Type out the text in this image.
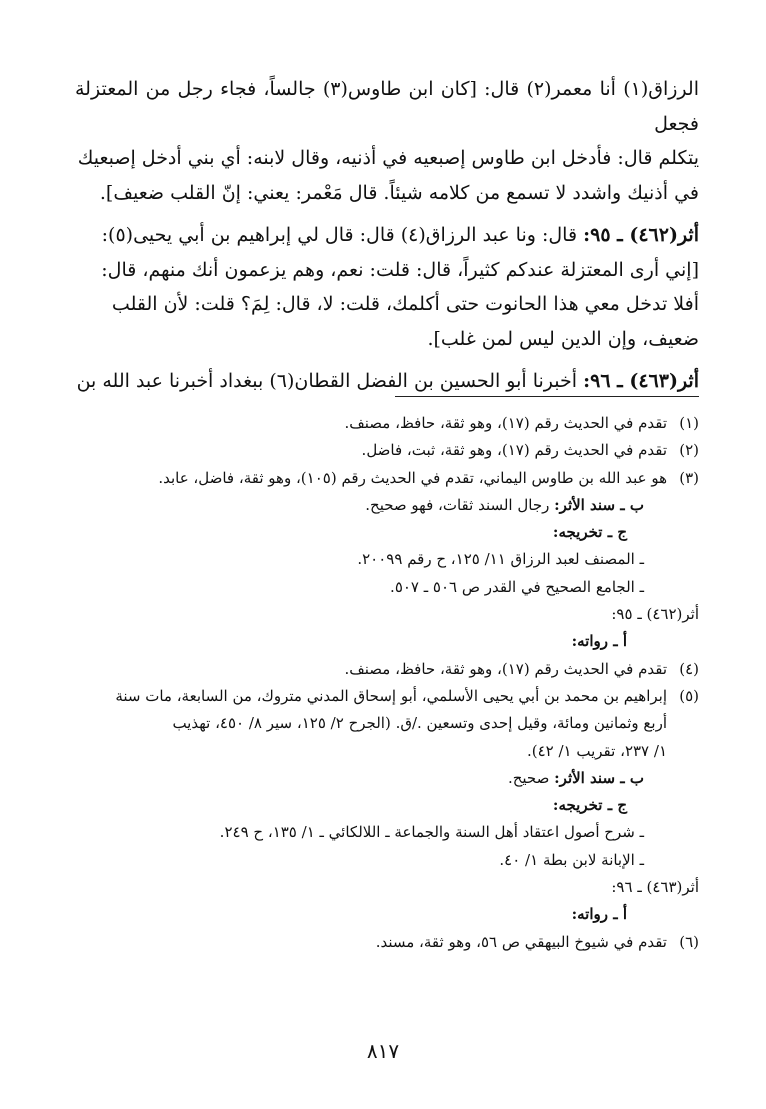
الرزاق(١) أنا معمر(٢) قال: [كان ابن طاوس(٣) جالساً، فجاء رجل من المعتزلة فجعل
يتكلم قال: فأدخل ابن طاوس إصبعيه في أذنيه، وقال لابنه: أي بني أدخل إصبعيك
في أذنيك واشدد لا تسمع من كلامه شيئاً. قال مَعْمر: يعني: إنّ القلب ضعيف].

أثر(٤٦٢) ـ ٩٥: قال: ونا عبد الرزاق(٤) قال: قال لي إبراهيم بن أبي يحيى(٥):
[إني أرى المعتزلة عندكم كثيراً، قال: قلت: نعم، وهم يزعمون أنك منهم، قال:
أفلا تدخل معي هذا الحانوت حتى أكلمك، قلت: لا، قال: لِمَ؟ قلت: لأن القلب
ضعيف، وإن الدين ليس لمن غلب].

أثر(٤٦٣) ـ ٩٦: أخبرنا أبو الحسين بن الفضل القطان(٦) ببغداد أخبرنا عبد الله بن

(١)تقدم في الحديث رقم (١٧)، وهو ثقة، حافظ، مصنف.
(٢)تقدم في الحديث رقم (١٧)، وهو ثقة، ثبت، فاضل.
(٣)هو عبد الله بن طاوس اليماني، تقدم في الحديث رقم (١٠٥)، وهو ثقة، فاضل، عابد.
ب ـ سند الأثر: رجال السند ثقات، فهو صحيح.
ج ـ تخريجه:
ـ المصنف لعبد الرزاق ١١/ ١٢٥، ح رقم ٢٠٠٩٩.
ـ الجامع الصحيح في القدر ص ٥٠٦ ـ ٥٠٧.
أثر(٤٦٢) ـ ٩٥:
أ ـ رواته:
(٤)تقدم في الحديث رقم (١٧)، وهو ثقة، حافظ، مصنف.
(٥)إبراهيم بن محمد بن أبي يحيى الأسلمي، أبو إسحاق المدني متروك، من السابعة، مات سنة
أربع وثمانين ومائة، وقيل إحدى وتسعين ./ق. (الجرح ٢/ ١٢٥، سير ٨/ ٤٥٠، تهذيب
١/ ٢٣٧، تقريب ١/ ٤٢).
ب ـ سند الأثر: صحيح.
ج ـ تخريجه:
ـ شرح أصول اعتقاد أهل السنة والجماعة ـ اللالكائي ـ ١/ ١٣٥، ح ٢٤٩.
ـ الإبانة لابن بطة ١/ ٤٠.
أثر(٤٦٣) ـ ٩٦:
أ ـ رواته:
(٦)تقدم في شيوخ البيهقي ص ٥٦، وهو ثقة، مسند.
٨١٧
